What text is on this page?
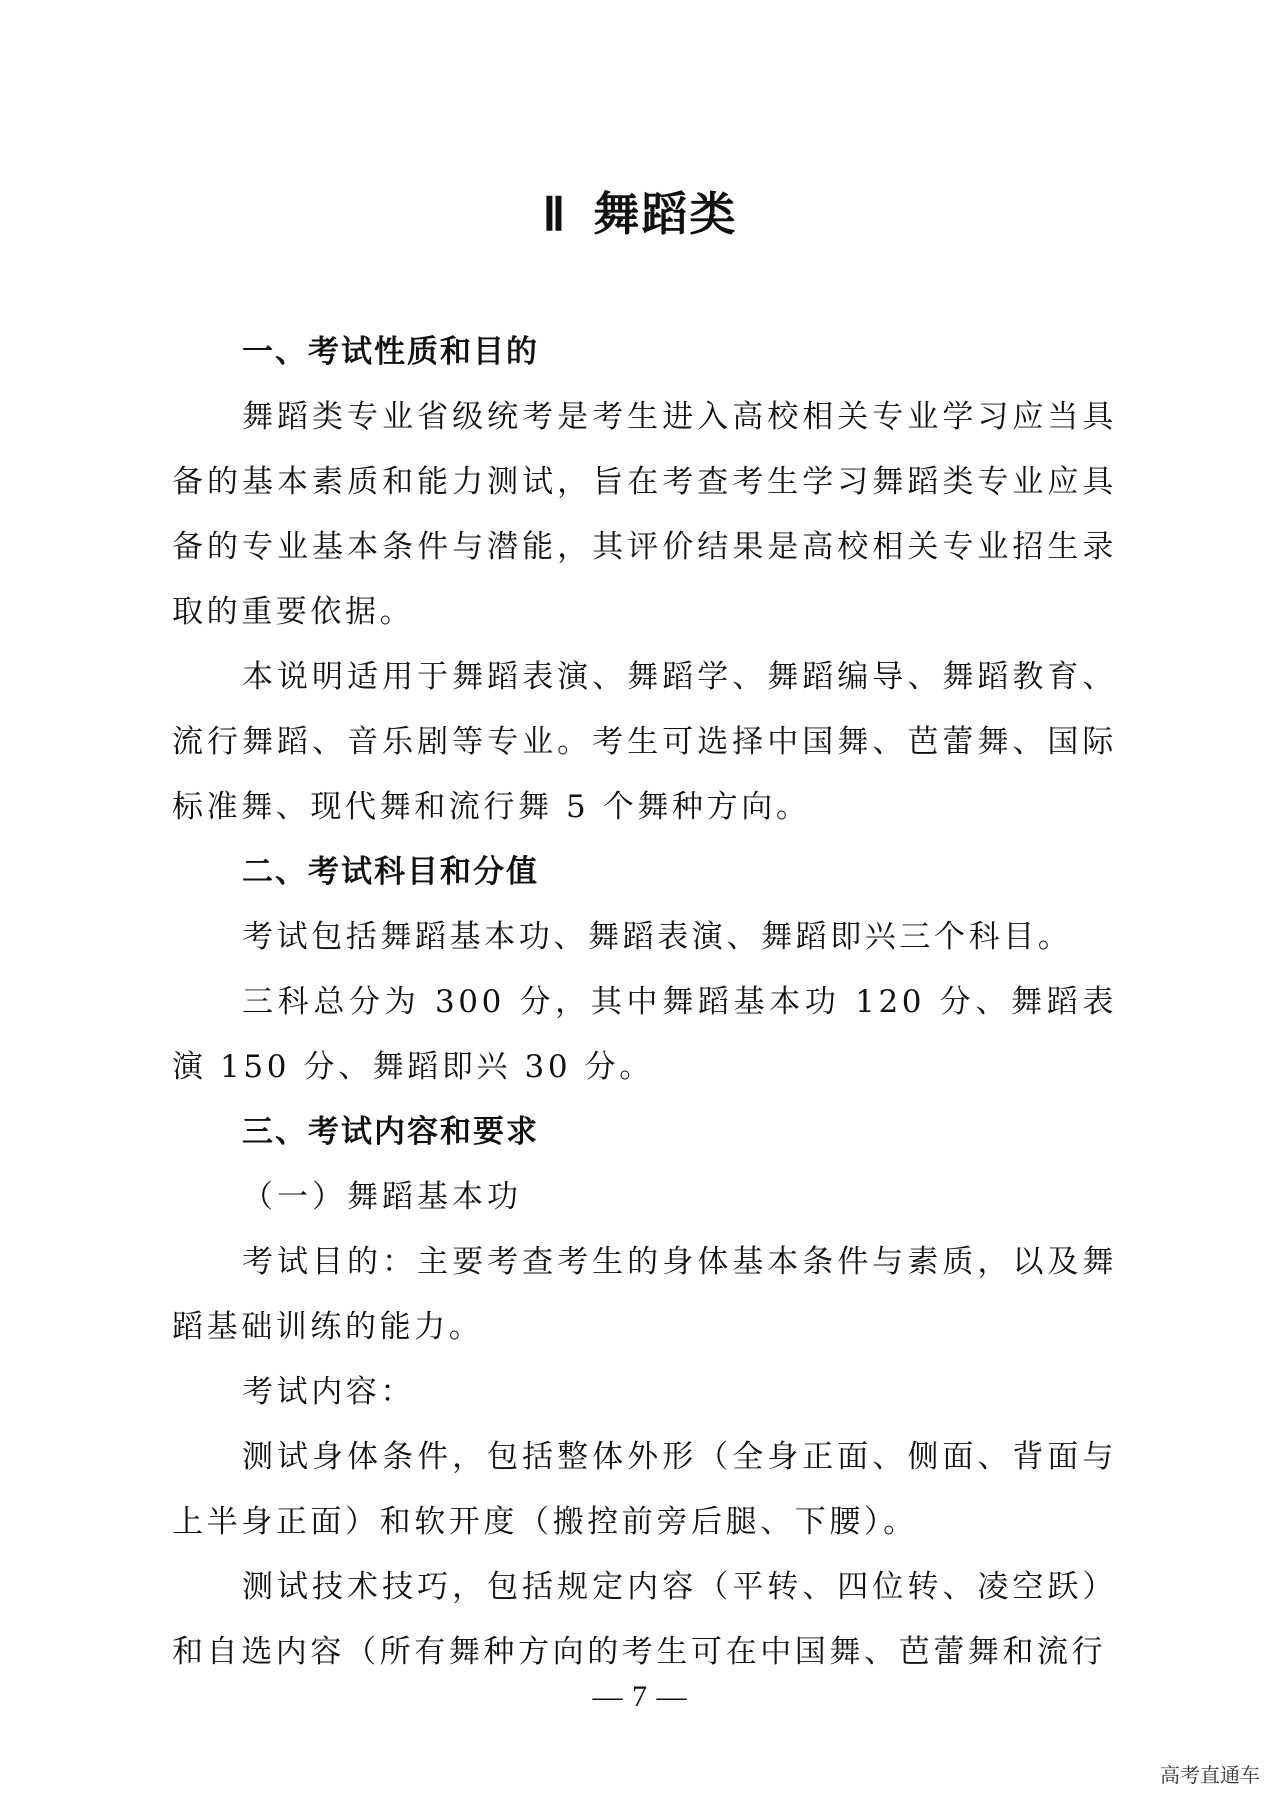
Ⅱ 舞蹈类

一、考试性质和目的

舞蹈类专业省级统考是考生进入高校相关专业学习应当具备的基本素质和能力测试，旨在考查考生学习舞蹈类专业应具备的专业基本条件与潜能，其评价结果是高校相关专业招生录取的重要依据。

本说明适用于舞蹈表演、舞蹈学、舞蹈编导、舞蹈教育、流行舞蹈、音乐剧等专业。考生可选择中国舞、芭蕾舞、国际标准舞、现代舞和流行舞 5 个舞种方向。

二、考试科目和分值

考试包括舞蹈基本功、舞蹈表演、舞蹈即兴三个科目。

三科总分为 300 分，其中舞蹈基本功 120 分、舞蹈表演 150 分、舞蹈即兴 30 分。

三、考试内容和要求

（一）舞蹈基本功

考试目的：主要考查考生的身体基本条件与素质，以及舞蹈基础训练的能力。

考试内容：

测试身体条件，包括整体外形（全身正面、侧面、背面与上半身正面）和软开度（搬控前旁后腿、下腰）。

测试技术技巧，包括规定内容（平转、四位转、凌空跃）和自选内容（所有舞种方向的考生可在中国舞、芭蕾舞和流行

— 7 —
高考直通车
